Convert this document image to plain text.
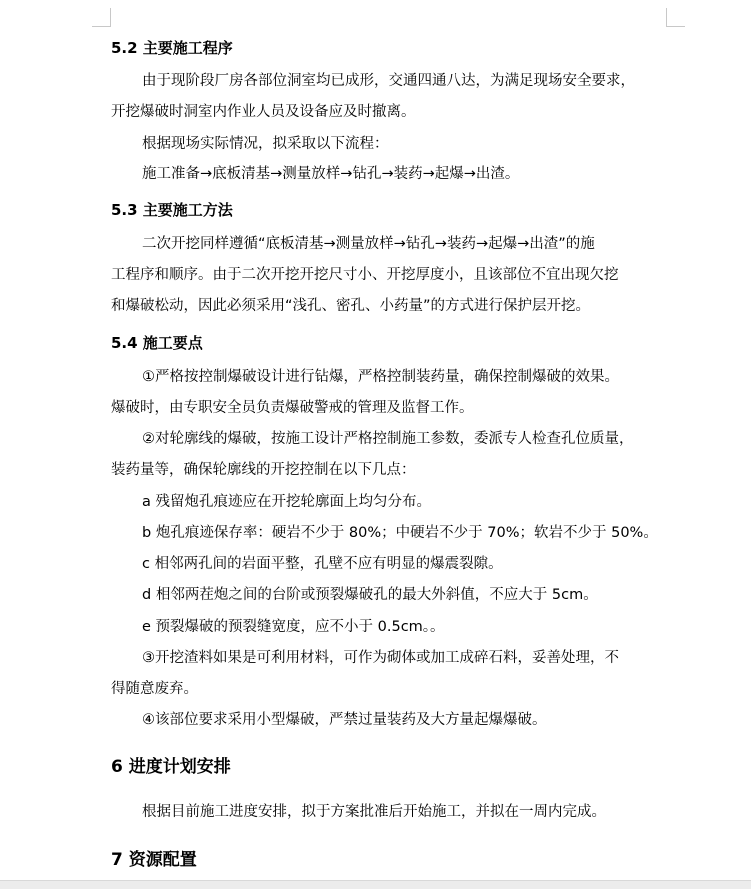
5.2 主要施工程序
由于现阶段厂房各部位洞室均已成形，交通四通八达，为满足现场安全要求，
开挖爆破时洞室内作业人员及设备应及时撤离。
根据现场实际情况，拟采取以下流程：
施工准备→底板清基→测量放样→钻孔→装药→起爆→出渣。
5.3 主要施工方法
二次开挖同样遵循“底板清基→测量放样→钻孔→装药→起爆→出渣”的施
工程序和顺序。由于二次开挖开挖尺寸小、开挖厚度小，且该部位不宜出现欠挖
和爆破松动，因此必须采用“浅孔、密孔、小药量”的方式进行保护层开挖。
5.4 施工要点
①严格按控制爆破设计进行钻爆，严格控制装药量，确保控制爆破的效果。
爆破时，由专职安全员负责爆破警戒的管理及监督工作。
②对轮廓线的爆破，按施工设计严格控制施工参数，委派专人检查孔位质量，
装药量等，确保轮廓线的开挖控制在以下几点：
a 残留炮孔痕迹应在开挖轮廓面上均匀分布。
b 炮孔痕迹保存率：硬岩不少于 80%；中硬岩不少于 70%；软岩不少于 50%。
c 相邻两孔间的岩面平整，孔壁不应有明显的爆震裂隙。
d 相邻两茬炮之间的台阶或预裂爆破孔的最大外斜值，不应大于 5cm。
e 预裂爆破的预裂缝宽度，应不小于 0.5cm。。
③开挖渣料如果是可利用材料，可作为砌体或加工成碎石料，妥善处理，不
得随意废弃。
④该部位要求采用小型爆破，严禁过量装药及大方量起爆爆破。
6 进度计划安排
根据目前施工进度安排，拟于方案批准后开始施工，并拟在一周内完成。
7 资源配置
